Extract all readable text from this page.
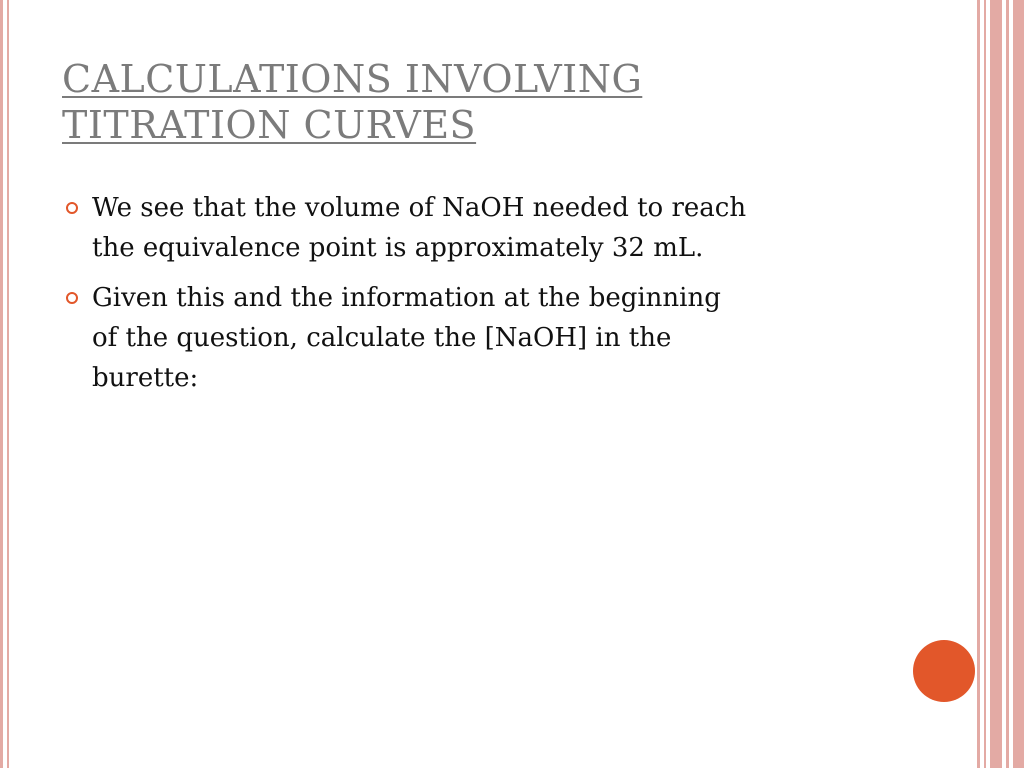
CALCULATIONS INVOLVING
TITRATION CURVES
We see that the volume of NaOH needed to reach
the equivalence point is approximately 32 mL.
Given this and the information at the beginning
of the question, calculate the [NaOH] in the
burette:
